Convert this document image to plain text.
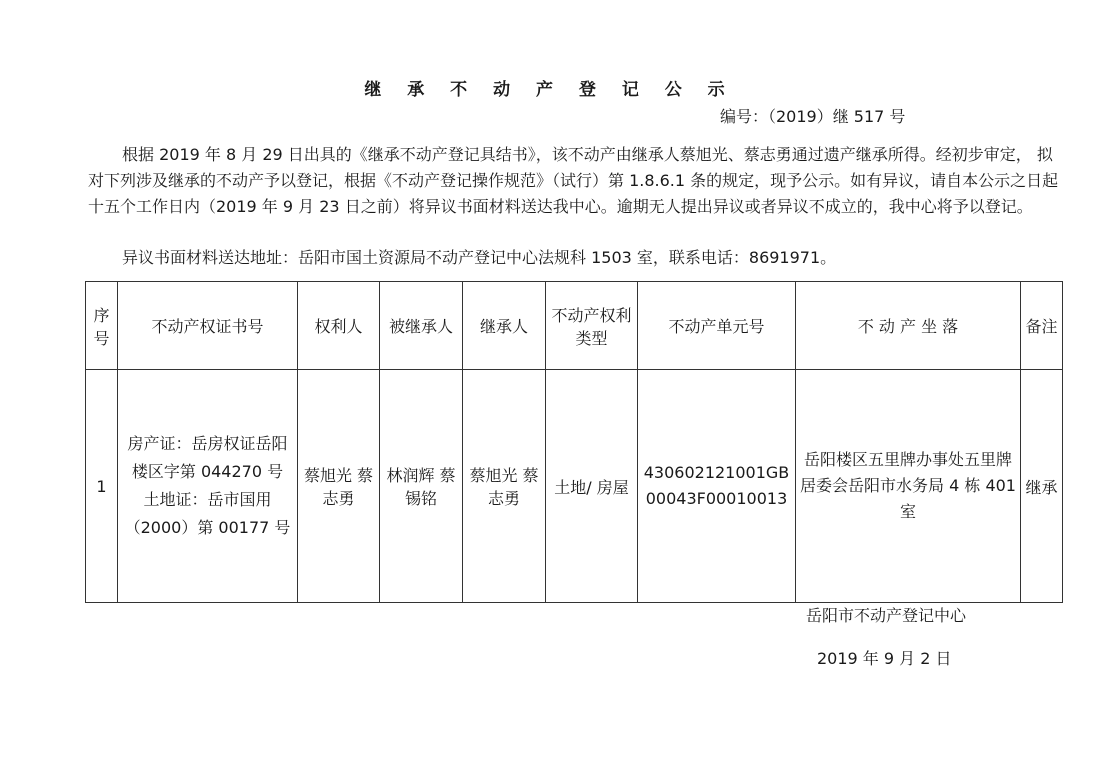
继 承 不 动 产 登 记 公 示
编号：（2019）继 517 号
根据 2019 年 8 月 29 日出具的《继承不动产登记具结书》，该不动产由继承人蔡旭光、蔡志勇通过遗产继承所得。经初步审定， 拟对下列涉及继承的不动产予以登记，根据《不动产登记操作规范》（试行）第 1.8.6.1 条的规定，现予公示。如有异议，请自本公示之日起十五个工作日内（2019 年 9 月 23 日之前）将异议书面材料送达我中心。逾期无人提出异议或者异议不成立的，我中心将予以登记。
异议书面材料送达地址：岳阳市国土资源局不动产登记中心法规科 1503 室，联系电话：8691971。
序号	不动产权证书号	权利人	被继承人	继承人	不动产权利类型	不动产单元号	不 动 产 坐 落	备注
1	房产证：岳房权证岳阳楼区字第 044270 号
土地证：岳市国用（2000）第 00177 号	蔡旭光 蔡志勇	林润辉 蔡锡铭	蔡旭光 蔡志勇	土地/ 房屋	430602121001GB00043F00010013	岳阳楼区五里牌办事处五里牌居委会岳阳市水务局 4 栋 401 室	继承
岳阳市不动产登记中心
2019 年 9 月 2 日
